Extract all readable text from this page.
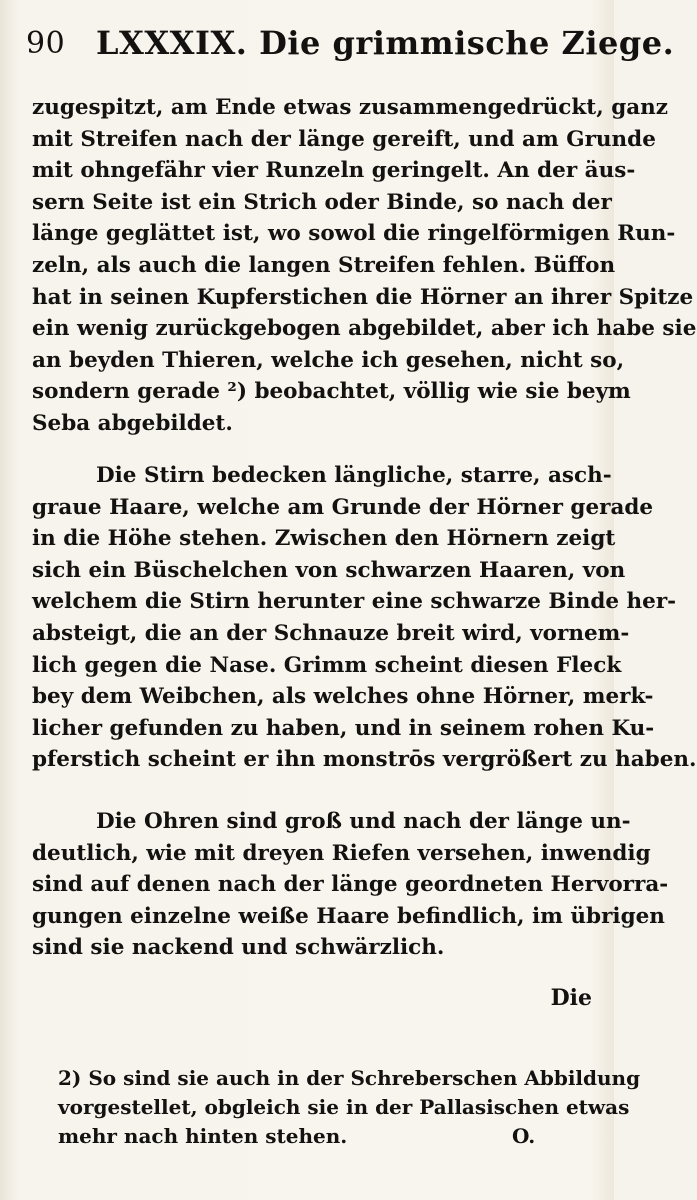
90 LXXXIX. Die grimmische Ziege.
zugespitzt, am Ende etwas zusammengedrückt, ganz
mit Streifen nach der länge gereift, und am Grunde
mit ohngefähr vier Runzeln geringelt. An der äus-
sern Seite ist ein Strich oder Binde, so nach der
länge geglättet ist, wo sowol die ringelförmigen Run-
zeln, als auch die langen Streifen fehlen. Büffon
hat in seinen Kupferstichen die Hörner an ihrer Spitze
ein wenig zurückgebogen abgebildet, aber ich habe sie
an beyden Thieren, welche ich gesehen, nicht so,
sondern gerade ²) beobachtet, völlig wie sie beym
Seba abgebildet.
Die Stirn bedecken längliche, starre, asch-
graue Haare, welche am Grunde der Hörner gerade
in die Höhe stehen. Zwischen den Hörnern zeigt
sich ein Büschelchen von schwarzen Haaren, von
welchem die Stirn herunter eine schwarze Binde her-
absteigt, die an der Schnauze breit wird, vornem-
lich gegen die Nase. Grimm scheint diesen Fleck
bey dem Weibchen, als welches ohne Hörner, merk-
licher gefunden zu haben, und in seinem rohen Ku-
pferstich scheint er ihn monstrōs vergrößert zu haben.
Die Ohren sind groß und nach der länge un-
deutlich, wie mit dreyen Riefen versehen, inwendig
sind auf denen nach der länge geordneten Hervorra-
gungen einzelne weiße Haare befindlich, im übrigen
sind sie nackend und schwärzlich.
Die
2) So sind sie auch in der Schreberschen Abbildung
vorgestellet, obgleich sie in der Pallasischen etwas
mehr nach hinten stehen.	O.
